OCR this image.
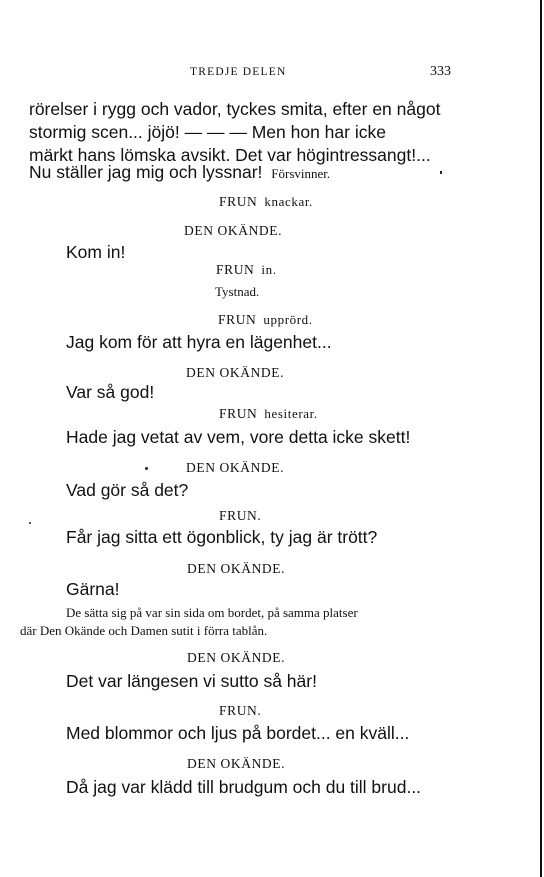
TREDJE DELEN	333
rörelser i rygg och vador, tyckes smita, efter en något
stormig scen... jöjö! — — — Men hon har icke
märkt hans lömska avsikt. Det var högintressangt!...
Nu ställer jag mig och lyssnar! Försvinner.
FRUN knackar.
DEN OKÄNDE.
Kom in!
FRUN in.
Tystnad.
FRUN upprörd.
Jag kom för att hyra en lägenhet...
DEN OKÄNDE.
Var så god!
FRUN hesiterar.
Hade jag vetat av vem, vore detta icke skett!
DEN OKÄNDE.
Vad gör så det?
FRUN.
Får jag sitta ett ögonblick, ty jag är trött?
DEN OKÄNDE.
Gärna!
De sätta sig på var sin sida om bordet, på samma platser
där Den Okände och Damen sutit i förra tablån.
DEN OKÄNDE.
Det var längesen vi sutto så här!
FRUN.
Med blommor och ljus på bordet... en kväll...
DEN OKÄNDE.
Då jag var klädd till brudgum och du till brud...
